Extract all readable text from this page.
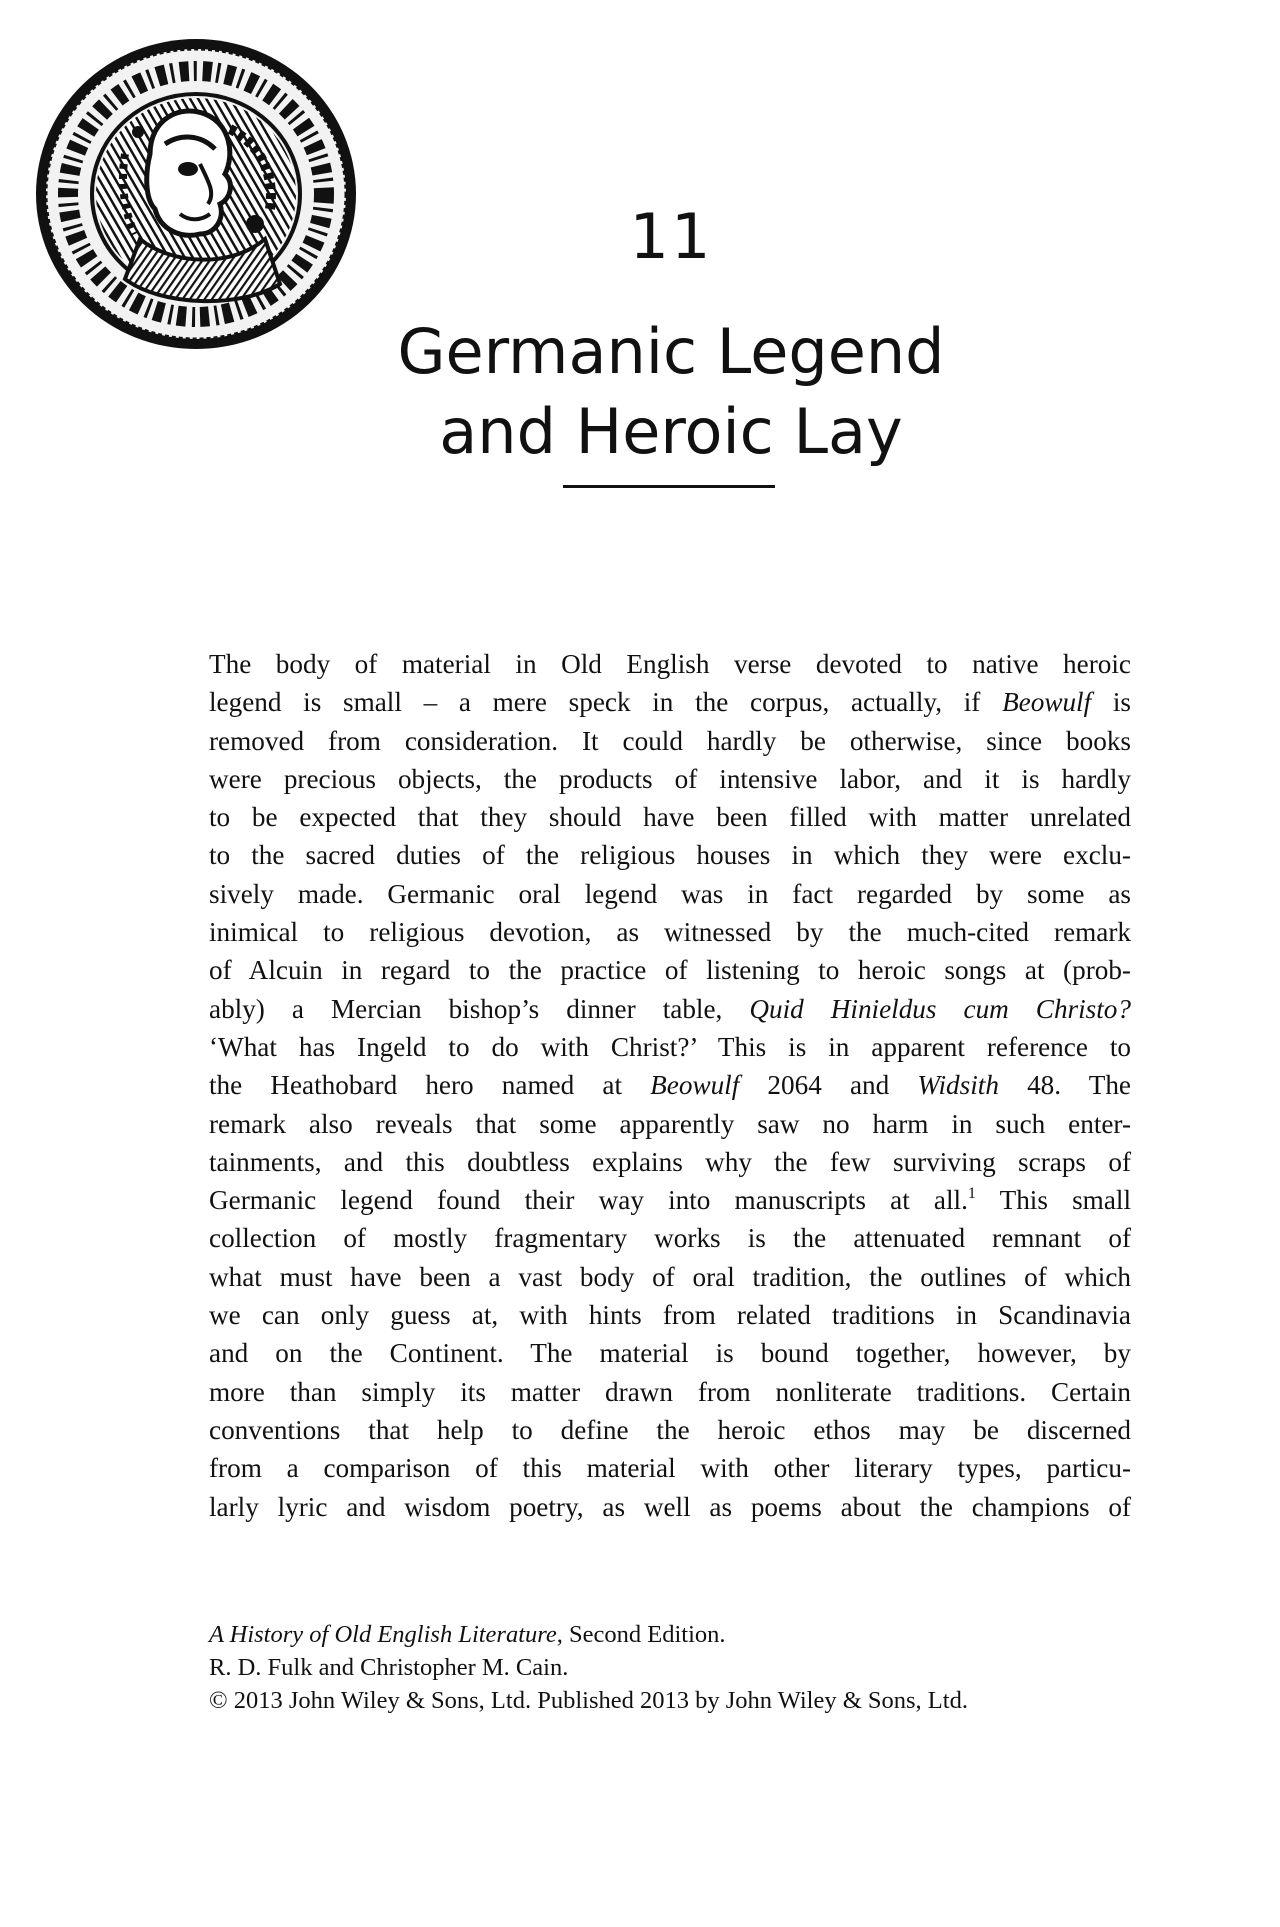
11
Germanic Legend
and Heroic Lay
The body of material in Old English verse devoted to native heroic
legend is small – a mere speck in the corpus, actually, if Beowulf is
removed from consideration. It could hardly be otherwise, since books
were precious objects, the products of intensive labor, and it is hardly
to be expected that they should have been filled with matter unrelated
to the sacred duties of the religious houses in which they were exclu-
sively made. Germanic oral legend was in fact regarded by some as
inimical to religious devotion, as witnessed by the much-cited remark
of Alcuin in regard to the practice of listening to heroic songs at (prob-
ably) a Mercian bishop’s dinner table, Quid Hinieldus cum Christo?
‘What has Ingeld to do with Christ?’ This is in apparent reference to
the Heathobard hero named at Beowulf 2064 and Widsith 48. The
remark also reveals that some apparently saw no harm in such enter-
tainments, and this doubtless explains why the few surviving scraps of
Germanic legend found their way into manuscripts at all.$^1$ This small
collection of mostly fragmentary works is the attenuated remnant of
what must have been a vast body of oral tradition, the outlines of which
we can only guess at, with hints from related traditions in Scandinavia
and on the Continent. The material is bound together, however, by
more than simply its matter drawn from nonliterate traditions. Certain
conventions that help to define the heroic ethos may be discerned
from a comparison of this material with other literary types, particu-
larly lyric and wisdom poetry, as well as poems about the champions of
A History of Old English Literature, Second Edition.
R. D. Fulk and Christopher M. Cain.
© 2013 John Wiley & Sons, Ltd. Published 2013 by John Wiley & Sons, Ltd.
